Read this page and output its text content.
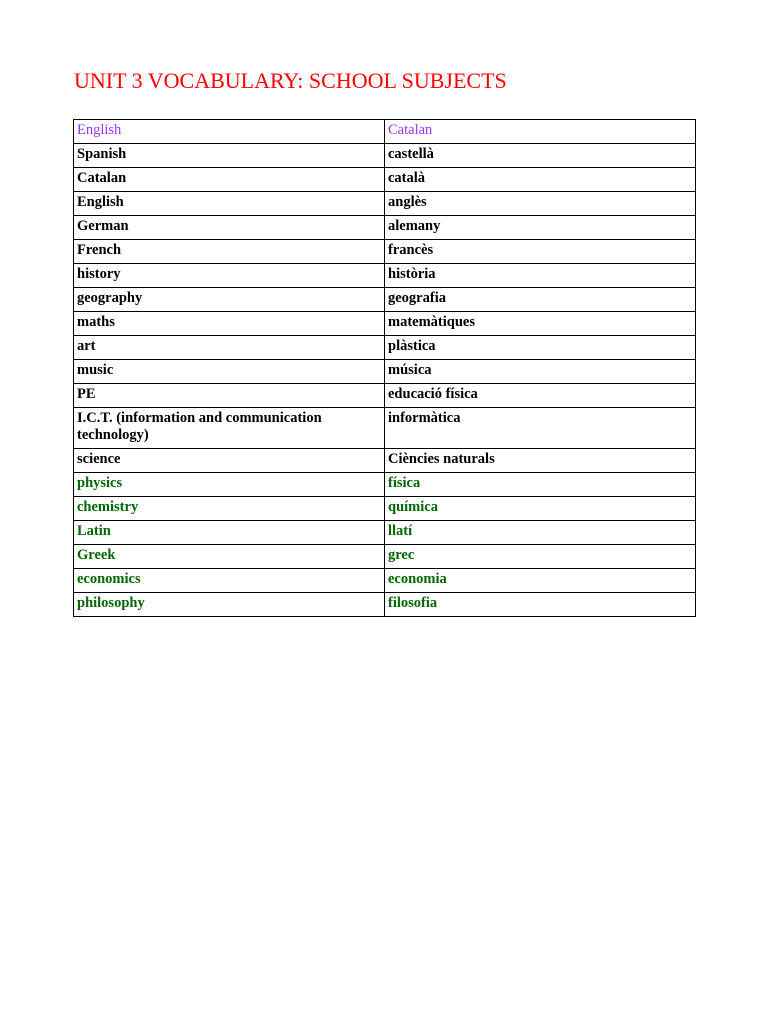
UNIT 3 VOCABULARY: SCHOOL SUBJECTS
English	Catalan
Spanish	castellà
Catalan	català
English	anglès
German	alemany
French	francès
history	història
geography	geografia
maths	matemàtiques
art	plàstica
music	música
PE	educació física
I.C.T. (information and communication technology)	informàtica
science	Ciències naturals
physics	física
chemistry	química
Latin	llatí
Greek	grec
economics	economia
philosophy	filosofia
